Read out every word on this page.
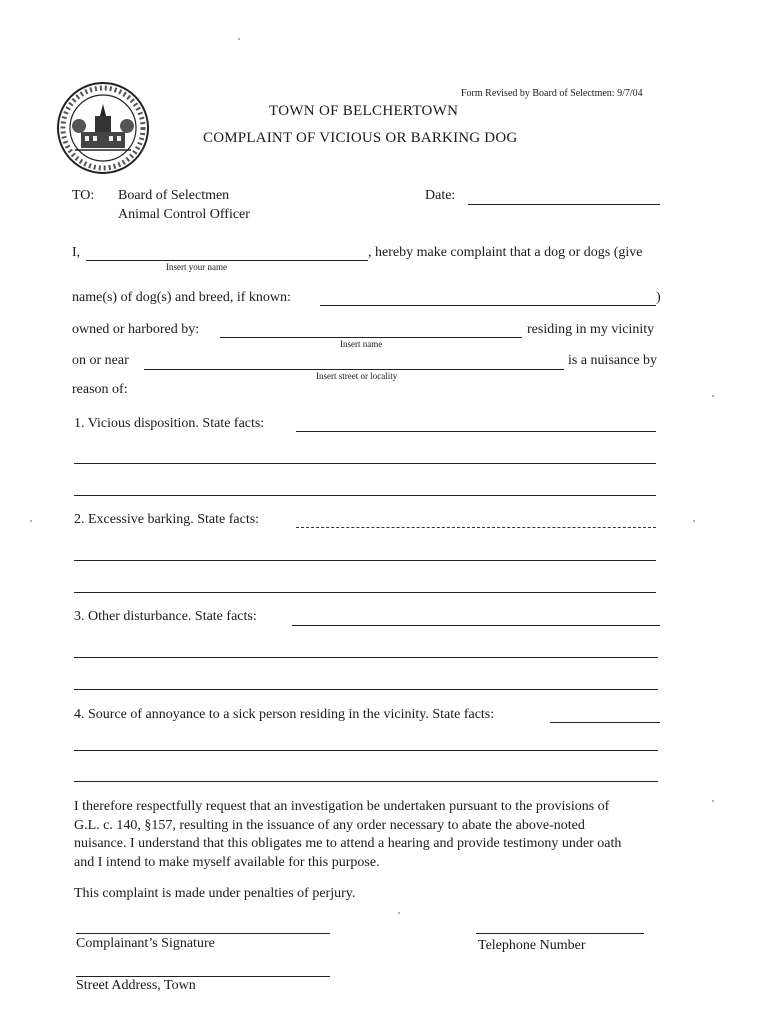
Form Revised by Board of Selectmen: 9/7/04
TOWN OF BELCHERTOWN
COMPLAINT OF VICIOUS OR BARKING DOG
TO: Board of Selectmen
Animal Control Officer
Date:
I,
Insert your name
, hereby make complaint that a dog or dogs (give
name(s) of dog(s) and breed, if known:	)
owned or harbored by:
Insert name
residing in my vicinity
on or near
Insert street or locality
is a nuisance by
reason of:
1. Vicious disposition. State facts:
2. Excessive barking. State facts:
3. Other disturbance. State facts:
4. Source of annoyance to a sick person residing in the vicinity. State facts:
I therefore respectfully request that an investigation be undertaken pursuant to the provisions of
G.L. c. 140, §157, resulting in the issuance of any order necessary to abate the above-noted
nuisance. I understand that this obligates me to attend a hearing and provide testimony under oath
and I intend to make myself available for this purpose.
This complaint is made under penalties of perjury.
Complainant’s Signature	Telephone Number
Street Address, Town
